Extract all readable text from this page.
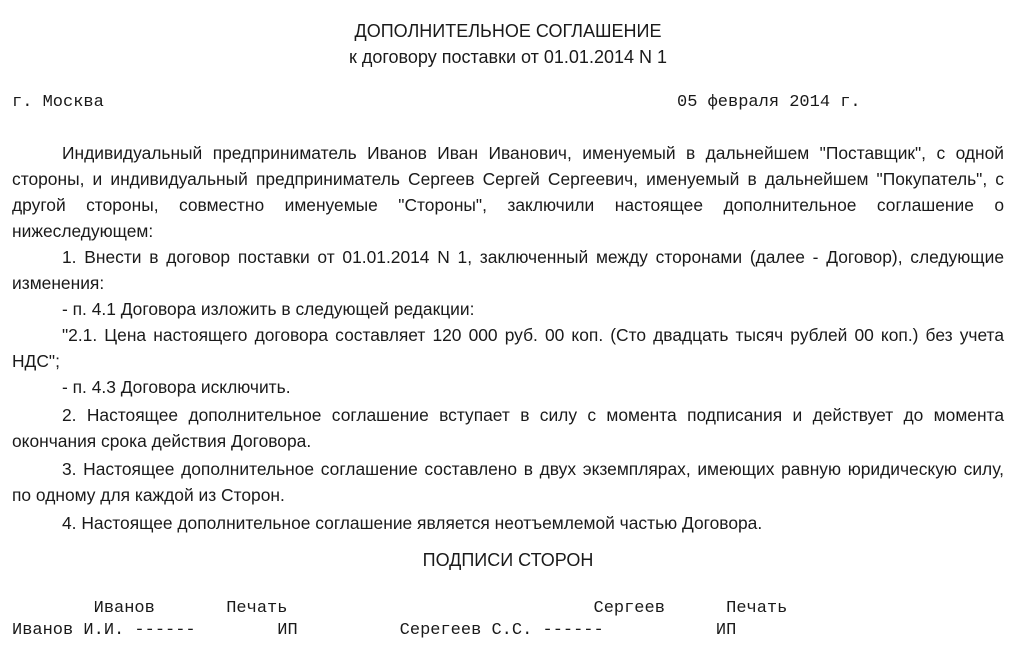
ДОПОЛНИТЕЛЬНОЕ СОГЛАШЕНИЕ
к договору поставки от 01.01.2014 N 1
г. Москва	05 февраля 2014 г.

Индивидуальный предприниматель Иванов Иван Иванович, именуемый в дальнейшем "Поставщик", с одной стороны, и индивидуальный предприниматель Сергеев Сергей Сергеевич, именуемый в дальнейшем "Покупатель", с другой стороны, совместно именуемые "Стороны", заключили настоящее дополнительное соглашение о нижеследующем:

1. Внести в договор поставки от 01.01.2014 N 1, заключенный между сторонами (далее - Договор), следующие изменения:

- п. 4.1 Договора изложить в следующей редакции:

"2.1. Цена настоящего договора составляет 120 000 руб. 00 коп. (Сто двадцать тысяч рублей 00 коп.) без учета НДС";

- п. 4.3 Договора исключить.

2. Настоящее дополнительное соглашение вступает в силу с момента подписания и действует до момента окончания срока действия Договора.

3. Настоящее дополнительное соглашение составлено в двух экземплярах, имеющих равную юридическую силу, по одному для каждой из Сторон.

4. Настоящее дополнительное соглашение является неотъемлемой частью Договора.

ПОДПИСИ СТОРОН
Иванов       Печать                              Сергеев      Печать
Иванов И.И. ------        ИП          Серегеев С.С. ------           ИП
